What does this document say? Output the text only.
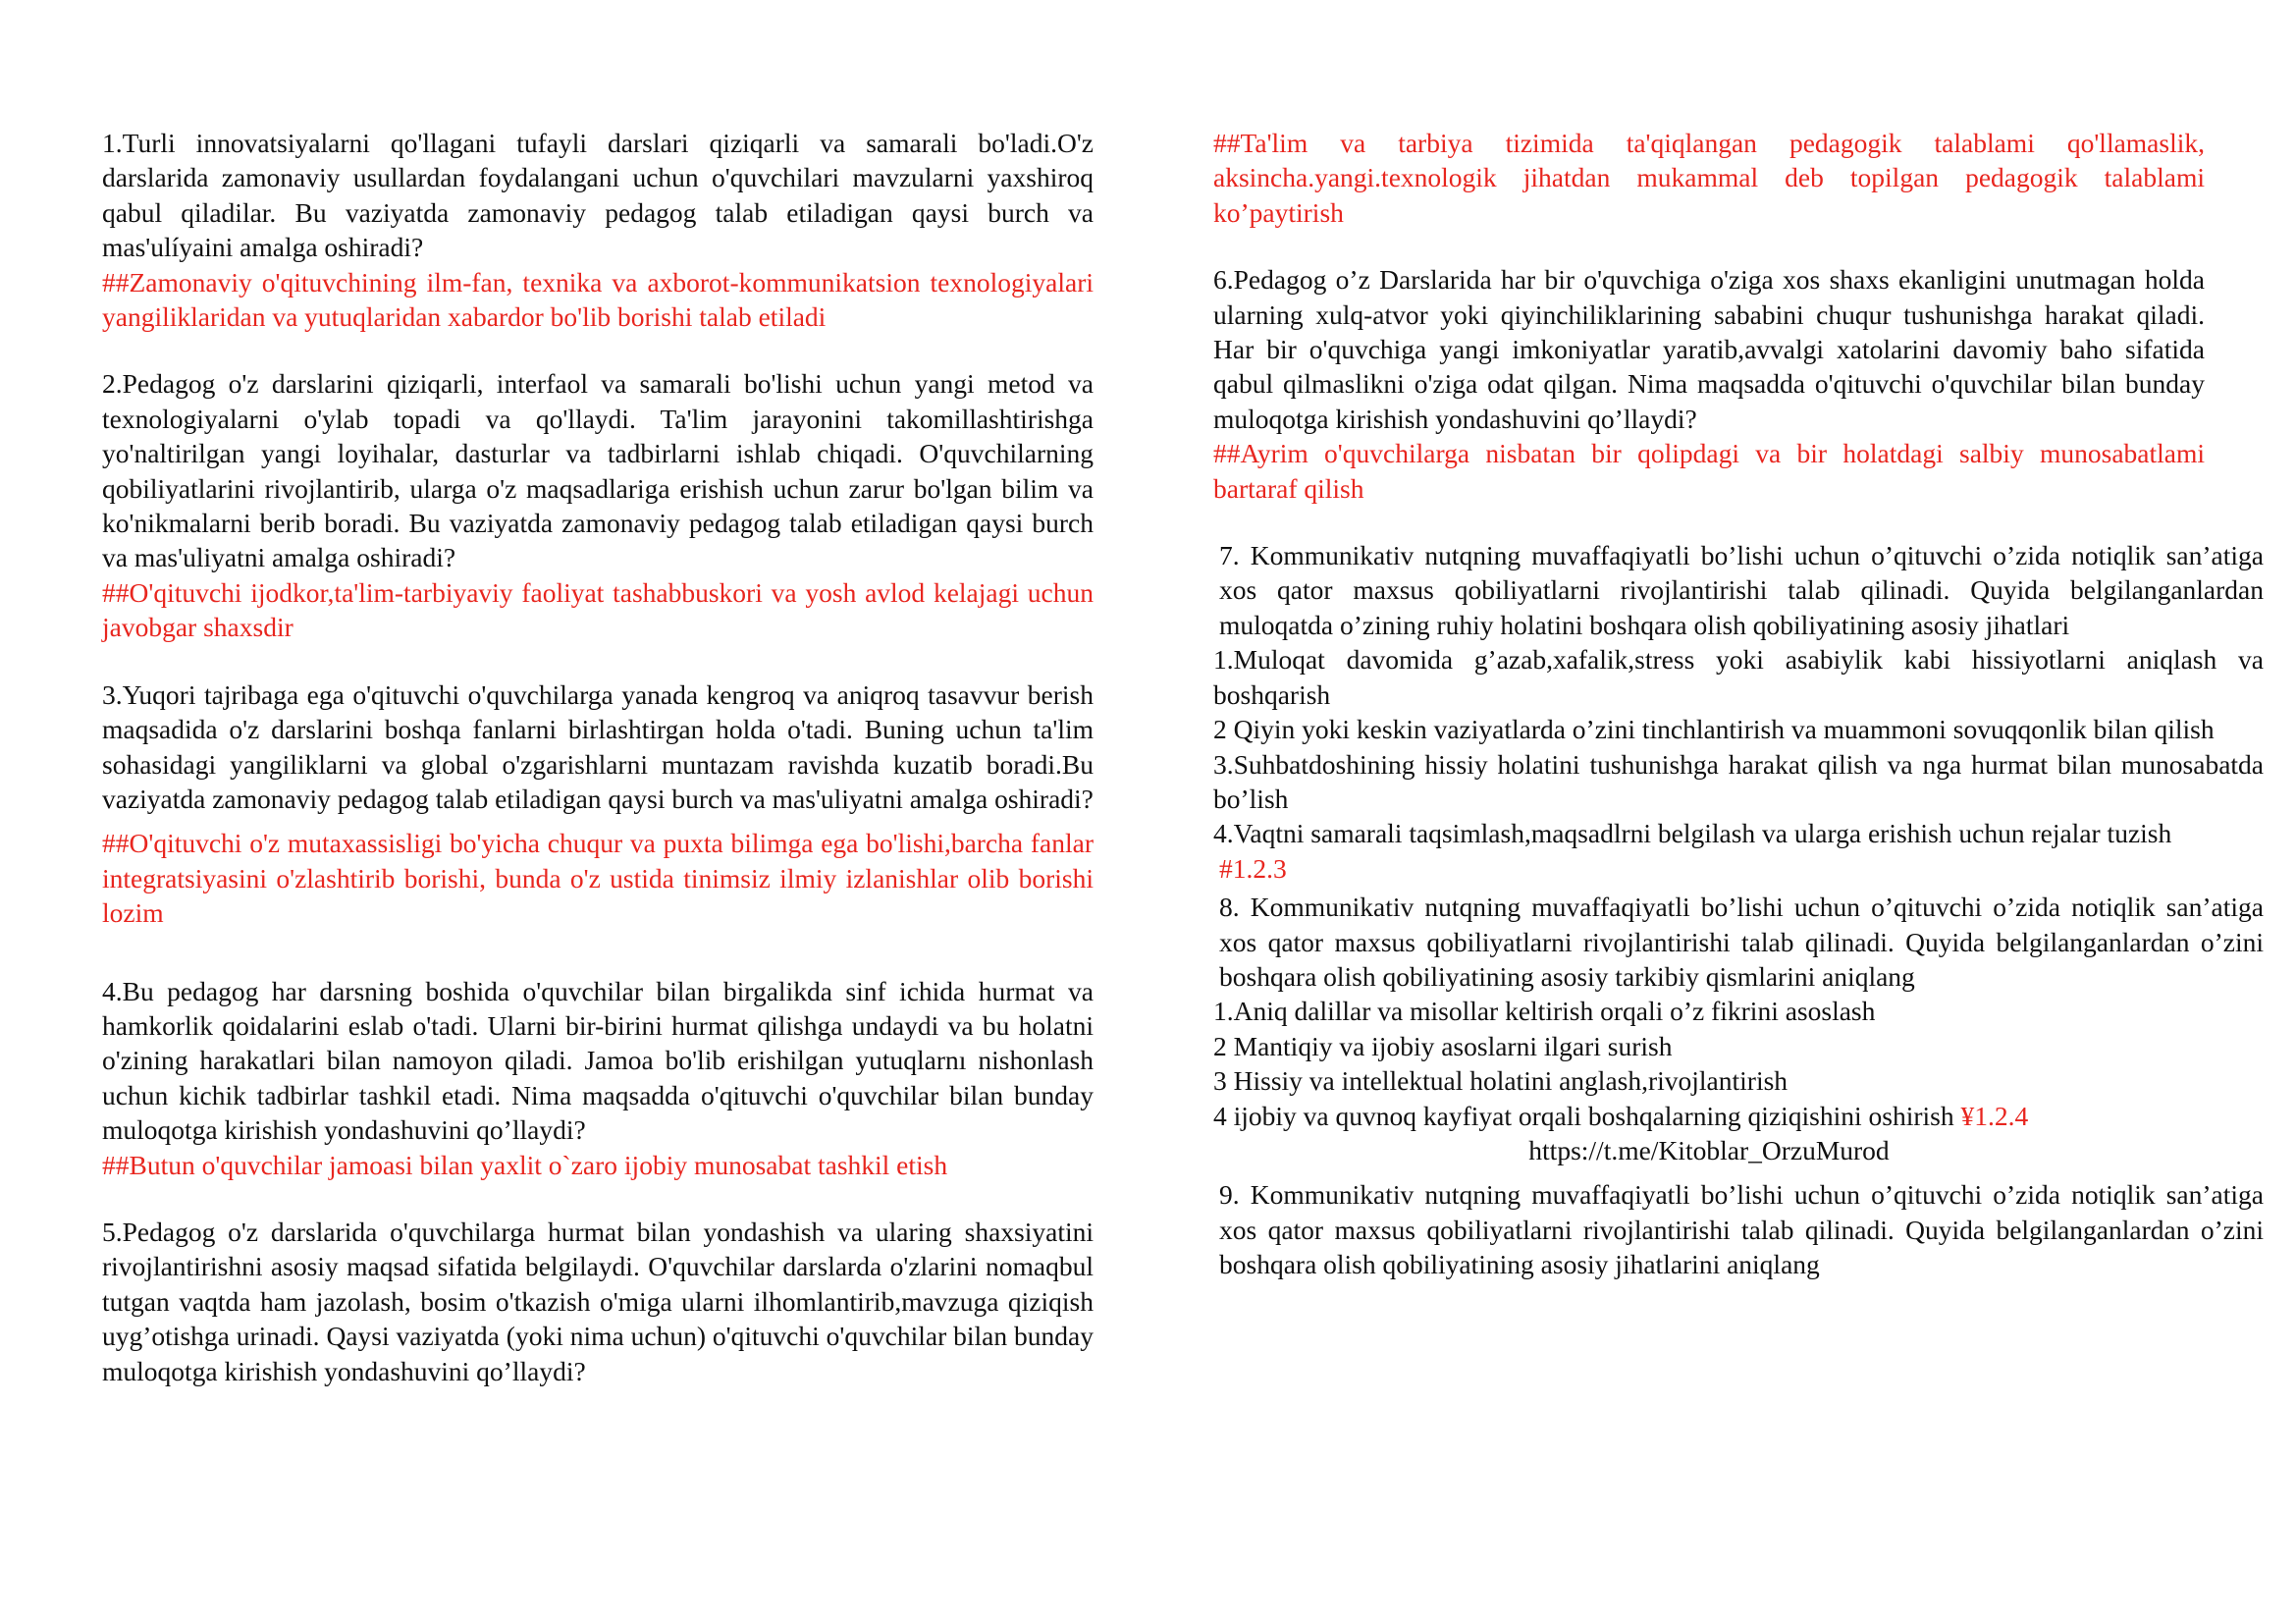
1.Turli innovatsiyalarni qo'llagani tufayli darslari qiziqarli va samarali bo'ladi.O'z darslarida zamonaviy usullardan foydalangani uchun o'quvchilari mavzularni yaxshiroq qabul qiladilar. Bu vaziyatda zamonaviy pedagog talab etiladigan qaysi burch va mas'ulíyaini amalga oshiradi?

##Zamonaviy o'qituvchining ilm-fan, texnika va axborot-kommunikatsion texnologiyalari yangiliklaridan va yutuqlaridan xabardor bo'lib borishi talab etiladi

2.Pedagog o'z darslarini qiziqarli, interfaol va samarali bo'lishi uchun yangi metod va texnologiyalarni o'ylab topadi va qo'llaydi. Ta'lim jarayonini takomillashtirishga yo'naltirilgan yangi loyihalar, dasturlar va tadbirlarni ishlab chiqadi. O'quvchilarning qobiliyatlarini rivojlantirib, ularga o'z maqsadlariga erishish uchun zarur bo'lgan bilim va ko'nikmalarni berib boradi. Bu vaziyatda zamonaviy pedagog talab etiladigan qaysi burch va mas'uliyatni amalga oshiradi?

##O'qituvchi ijodkor,ta'lim-tarbiyaviy faoliyat tashabbuskori va yosh avlod kelajagi uchun javobgar shaxsdir

3.Yuqori tajribaga ega o'qituvchi o'quvchilarga yanada kengroq va aniqroq tasavvur berish maqsadida o'z darslarini boshqa fanlarni birlashtirgan holda o'tadi. Buning uchun ta'lim sohasidagi yangiliklarni va global o'zgarishlarni muntazam ravishda kuzatib boradi.Bu vaziyatda zamonaviy pedagog talab etiladigan qaysi burch va mas'uliyatni amalga oshiradi?

##O'qituvchi o'z mutaxassisligi bo'yicha chuqur va puxta bilimga ega bo'lishi,barcha fanlar integratsiyasini o'zlashtirib borishi, bunda o'z ustida tinimsiz ilmiy izlanishlar olib borishi lozim

4.Bu pedagog har darsning boshida o'quvchilar bilan birgalikda sinf ichida hurmat va hamkorlik qoidalarini eslab o'tadi. Ularni bir-birini hurmat qilishga undaydi va bu holatni o'zining harakatlari bilan namoyon qiladi. Jamoa bo'lib erishilgan yutuqlarnı nishonlash uchun kichik tadbirlar tashkil etadi. Nima maqsadda o'qituvchi o'quvchilar bilan bunday muloqotga kirishish yondashuvini qo’llaydi?

##Butun o'quvchilar jamoasi bilan yaxlit o`zaro ijobiy munosabat tashkil etish

5.Pedagog o'z darslarida o'quvchilarga hurmat bilan yondashish va ularing shaxsiyatini rivojlantirishni asosiy maqsad sifatida belgilaydi. O'quvchilar darslarda o'zlarini nomaqbul tutgan vaqtda ham jazolash, bosim o'tkazish o'miga ularni ilhomlantirib,mavzuga qiziqish uyg’otishga urinadi. Qaysi vaziyatda (yoki nima uchun) o'qituvchi o'quvchilar bilan bunday muloqotga kirishish yondashuvini qo’llaydi?

##Ta'lim va tarbiya tizimida ta'qiqlangan pedagogik talablami qo'llamaslik, aksincha.yangi.texnologik jihatdan mukammal deb topilgan pedagogik talablami ko’paytirish

6.Pedagog o’z Darslarida har bir o'quvchiga o'ziga xos shaxs ekanligini unutmagan holda ularning xulq-atvor yoki qiyinchiliklarining sababini chuqur tushunishga harakat qiladi. Har bir o'quvchiga yangi imkoniyatlar yaratib,avvalgi xatolarini davomiy baho sifatida qabul qilmaslikni o'ziga odat qilgan. Nima maqsadda o'qituvchi o'quvchilar bilan bunday muloqotga kirishish yondashuvini qo’llaydi?

##Ayrim o'quvchilarga nisbatan bir qolipdagi va bir holatdagi salbiy munosabatlami bartaraf qilish

7. Kommunikativ nutqning muvaffaqiyatli bo’lishi uchun o’qituvchi o’zida notiqlik san’atiga xos qator maxsus qobiliyatlarni rivojlantirishi talab qilinadi. Quyida belgilanganlardan muloqatda o’zining ruhiy holatini boshqara olish qobiliyatining asosiy jihatlari

1.Muloqat davomida g’azab,xafalik,stress yoki asabiylik kabi hissiyotlarni aniqlash va boshqarish

2 Qiyin yoki keskin vaziyatlarda o’zini tinchlantirish va muammoni sovuqqonlik bilan qilish

3.Suhbatdoshining hissiy holatini tushunishga harakat qilish va nga hurmat bilan munosabatda bo’lish

4.Vaqtni samarali taqsimlash,maqsadlrni belgilash va ularga erishish uchun rejalar tuzish

#1.2.3

8. Kommunikativ nutqning muvaffaqiyatli bo’lishi uchun o’qituvchi o’zida notiqlik san’atiga xos qator maxsus qobiliyatlarni rivojlantirishi talab qilinadi. Quyida belgilanganlardan o’zini boshqara olish qobiliyatining asosiy tarkibiy qismlarini aniqlang

1.Aniq dalillar va misollar keltirish orqali o’z fikrini asoslash

2 Mantiqiy va ijobiy asoslarni ilgari surish

3 Hissiy va intellektual holatini anglash,rivojlantirish

4 ijobiy va quvnoq kayfiyat orqali boshqalarning qiziqishini oshirish ¥1.2.4

https://t.me/Kitoblar_OrzuMurod

9. Kommunikativ nutqning muvaffaqiyatli bo’lishi uchun o’qituvchi o’zida notiqlik san’atiga xos qator maxsus qobiliyatlarni rivojlantirishi talab qilinadi. Quyida belgilanganlardan o’zini boshqara olish qobiliyatining asosiy jihatlarini aniqlang
